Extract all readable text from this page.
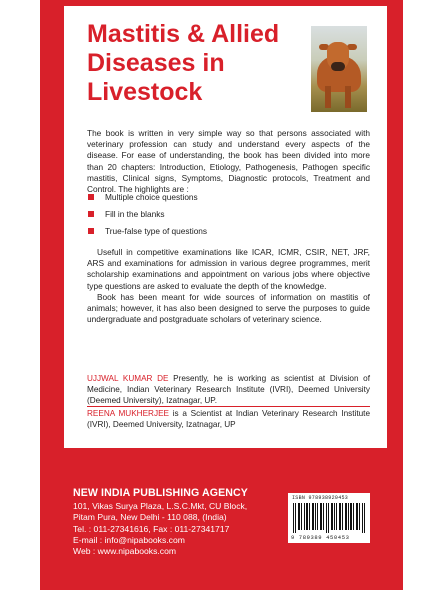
Mastitis & Allied Diseases in Livestock

The book is written in very simple way so that persons associated with veterinary profession can study and understand every aspects of the disease. For ease of understanding, the book has been divided into more than 20 chapters: Introduction, Etiology, Pathogenesis, Pathogen specific mastitis, Clinical signs, Symptoms, Diagnostic protocols, Treatment and Control. The highlights are :

Multiple choice questions
Fill in the blanks
True-false type of questions

Usefull in competitive examinations like ICAR, ICMR, CSIR, NET, JRF, ARS and examinations for admission in various degree programmes, merit scholarship examinations and appointment on various jobs where objective type questions are asked to evaluate the depth of the knowledge.

Book has been meant for wide sources of information on mastitis of animals; however, it has also been designed to serve the purposes to guide undergraduate and postgraduate scholars of veterinary science.

UJJWAL KUMAR DE Presently, he is working as scientist at Division of Medicine, Indian Veterinary Research Institute (IVRI), Deemed University (Deemed University), Izatnagar, UP.

REENA MUKHERJEE is a Scientist at Indian Veterinary Research Institute (IVRI), Deemed University, Izatnagar, UP

NEW INDIA PUBLISHING AGENCY
101, Vikas Surya Plaza, L.S.C.Mkt, CU Block,
Pitam Pura, New Delhi - 110 088, (India)
Tel. : 011-27341616, Fax : 011-27341717
E-mail : info@nipabooks.com
Web : www.nipabooks.com
ISBN 978938920453
9 789389 450453
